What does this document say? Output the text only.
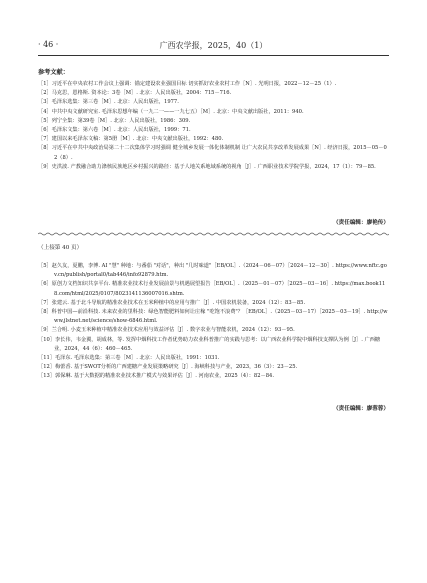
· 46 ·	广西农学报，2025，40（1）
参考文献：
［1］习近平在中央农村工作会议上强调：锚定建设农业强国目标 切实抓好农业农村工作［N］. 光明日报，2022－12－25（1）.
［2］马克思，恩格斯. 资本论：3卷［M］. 北京：人民出版社，2004：715－716.
［3］毛泽东选集：第三卷［M］. 北京：人民出版社，1977.
［4］中共中央文献研究室. 毛泽东思想年编（一九二一——一九七五）［M］. 北京：中央文献出版社，2011：940.
［5］列宁全集：第39卷［M］. 北京：人民出版社，1986：309.
［6］毛泽东文集：第六卷［M］. 北京：人民出版社，1999：71.
［7］建国以来毛泽东文稿：第5册［M］. 北京：中央文献出版社，1992：480.
［8］习近平在中共中央政治局第二十二次集体学习时强调 健全城乡发展一体化体制机制 让广大农民共享改革发展成果［N］. 经济日报，2015－05－02（8）.
［9］史洪波. 产教融合助力涤核民族地区乡村振兴的路径：基于人地关系地域系统的视角［J］. 广西职业技术学院学报，2024，17（1）：79－85.
（责任编辑：廖艳传）
（上接第 40 页）
［5］赵久友，夏鹏，李博. AI "慧" 种地：与番茄 "对话"，种出 "几时味道"［EB/OL］.（2024－06－07）［2024－12－30］. https://www.nftc.gov.cn/publish/portal0/tab446/info92879.htm.
［6］原创力文档知识共享平台. 精准农业技术行业发展前景与机遇展望报告［EB/OL］.（2025－01－07）［2025－03－16］. https://max.book118.com/html/2025/0107/8023141136007016.shtm.
［7］张建云. 基于北斗导航的精准农业技术在玉米种植中的应用与推广［J］. 中国农机装备，2024（12）：83－85.
［8］科普中国—前沿科技. 未来农业的里科技：绿色智能肥料如何让庄稼 "吃饱不浪费"？［EB/OL］.（2025－03－17）［2025－03－19］. http://www.jlstnet.net/science/show-6846.html.
［9］兰合明. 小麦玉米种植中精准农业技术应用与效益评估［J］. 数字农业与智能农机，2024（12）：93－95.
［10］李长伟，韦金翼，胡成林，等. 发挥中烟科技工作者优势助力农业科普推广的实践与思考：以广西农业科学院中烟科技支撑队为例［J］. 广西糖业，2024，44（6）：460－465.
［11］毛泽东. 毛泽东选集：第三卷［M］. 北京：人民出版社，1991：1031.
［12］梅蕾香. 基于SWOT分析的广西建糖产业发展策略研究［J］. 海峡科技与产业，2023，36（3）：23－25.
［13］郭保琳. 基于大数据的精准农业技术推广模式与效果评估［J］. 河南农业，2025（4）：82－84.
（责任编辑：廖蓉蓉）
